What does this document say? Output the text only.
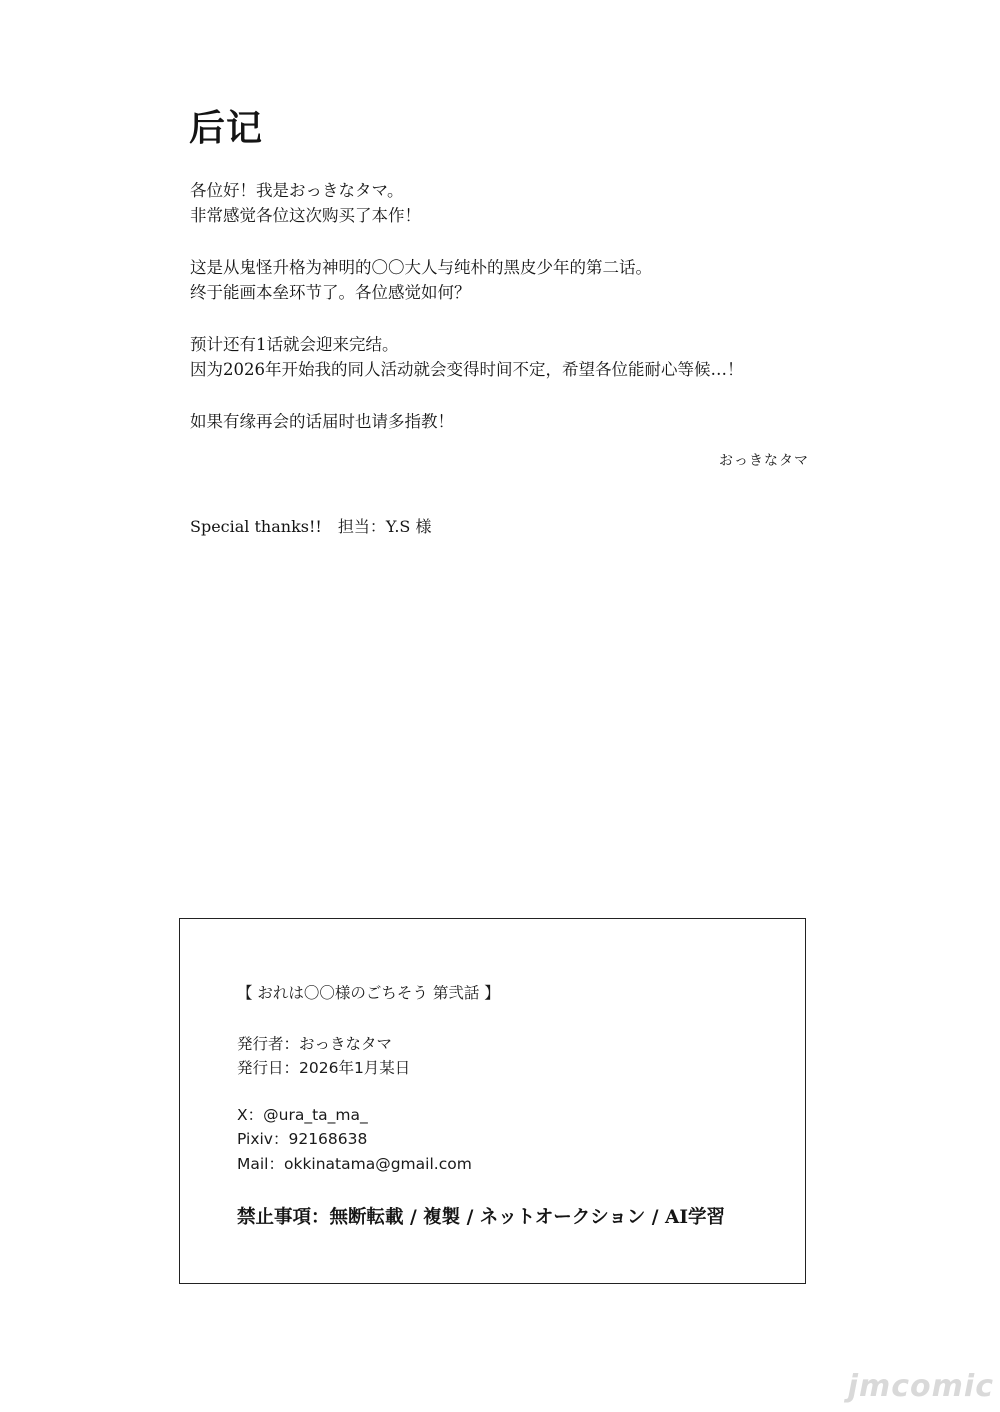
后记
各位好！我是おっきなタマ。
非常感觉各位这次购买了本作！
这是从鬼怪升格为神明的〇〇大人与纯朴的黑皮少年的第二话。
终于能画本垒环节了。各位感觉如何？
预计还有1话就会迎来完结。
因为2026年开始我的同人活动就会变得时间不定，希望各位能耐心等候…！
如果有缘再会的话届时也请多指教！
おっきなタマ
Special thanks!! 担当：Y.S 様
【 おれは〇〇様のごちそう 第弐話 】
発行者：おっきなタマ
発行日：2026年1月某日
X：@ura_ta_ma_
Pixiv：92168638
Mail：okkinatama@gmail.com
禁止事項：無断転載 / 複製 / ネットオークション / AI学習
jmcomic
